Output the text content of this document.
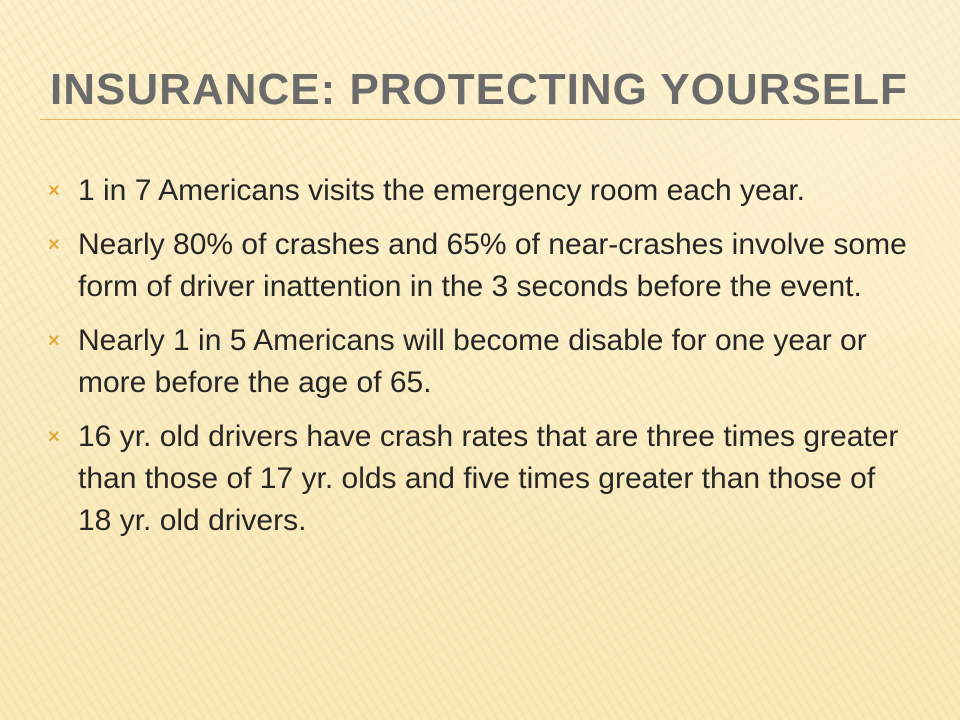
INSURANCE: PROTECTING YOURSELF
× 1 in 7 Americans visits the emergency room each year.
× Nearly 80% of crashes and 65% of near-crashes involve some form of driver inattention in the 3 seconds before the event.
× Nearly 1 in 5 Americans will become disable for one year or more before the age of 65.
× 16 yr. old drivers have crash rates that are three times greater than those of 17 yr. olds and five times greater than those of 18 yr. old drivers.
